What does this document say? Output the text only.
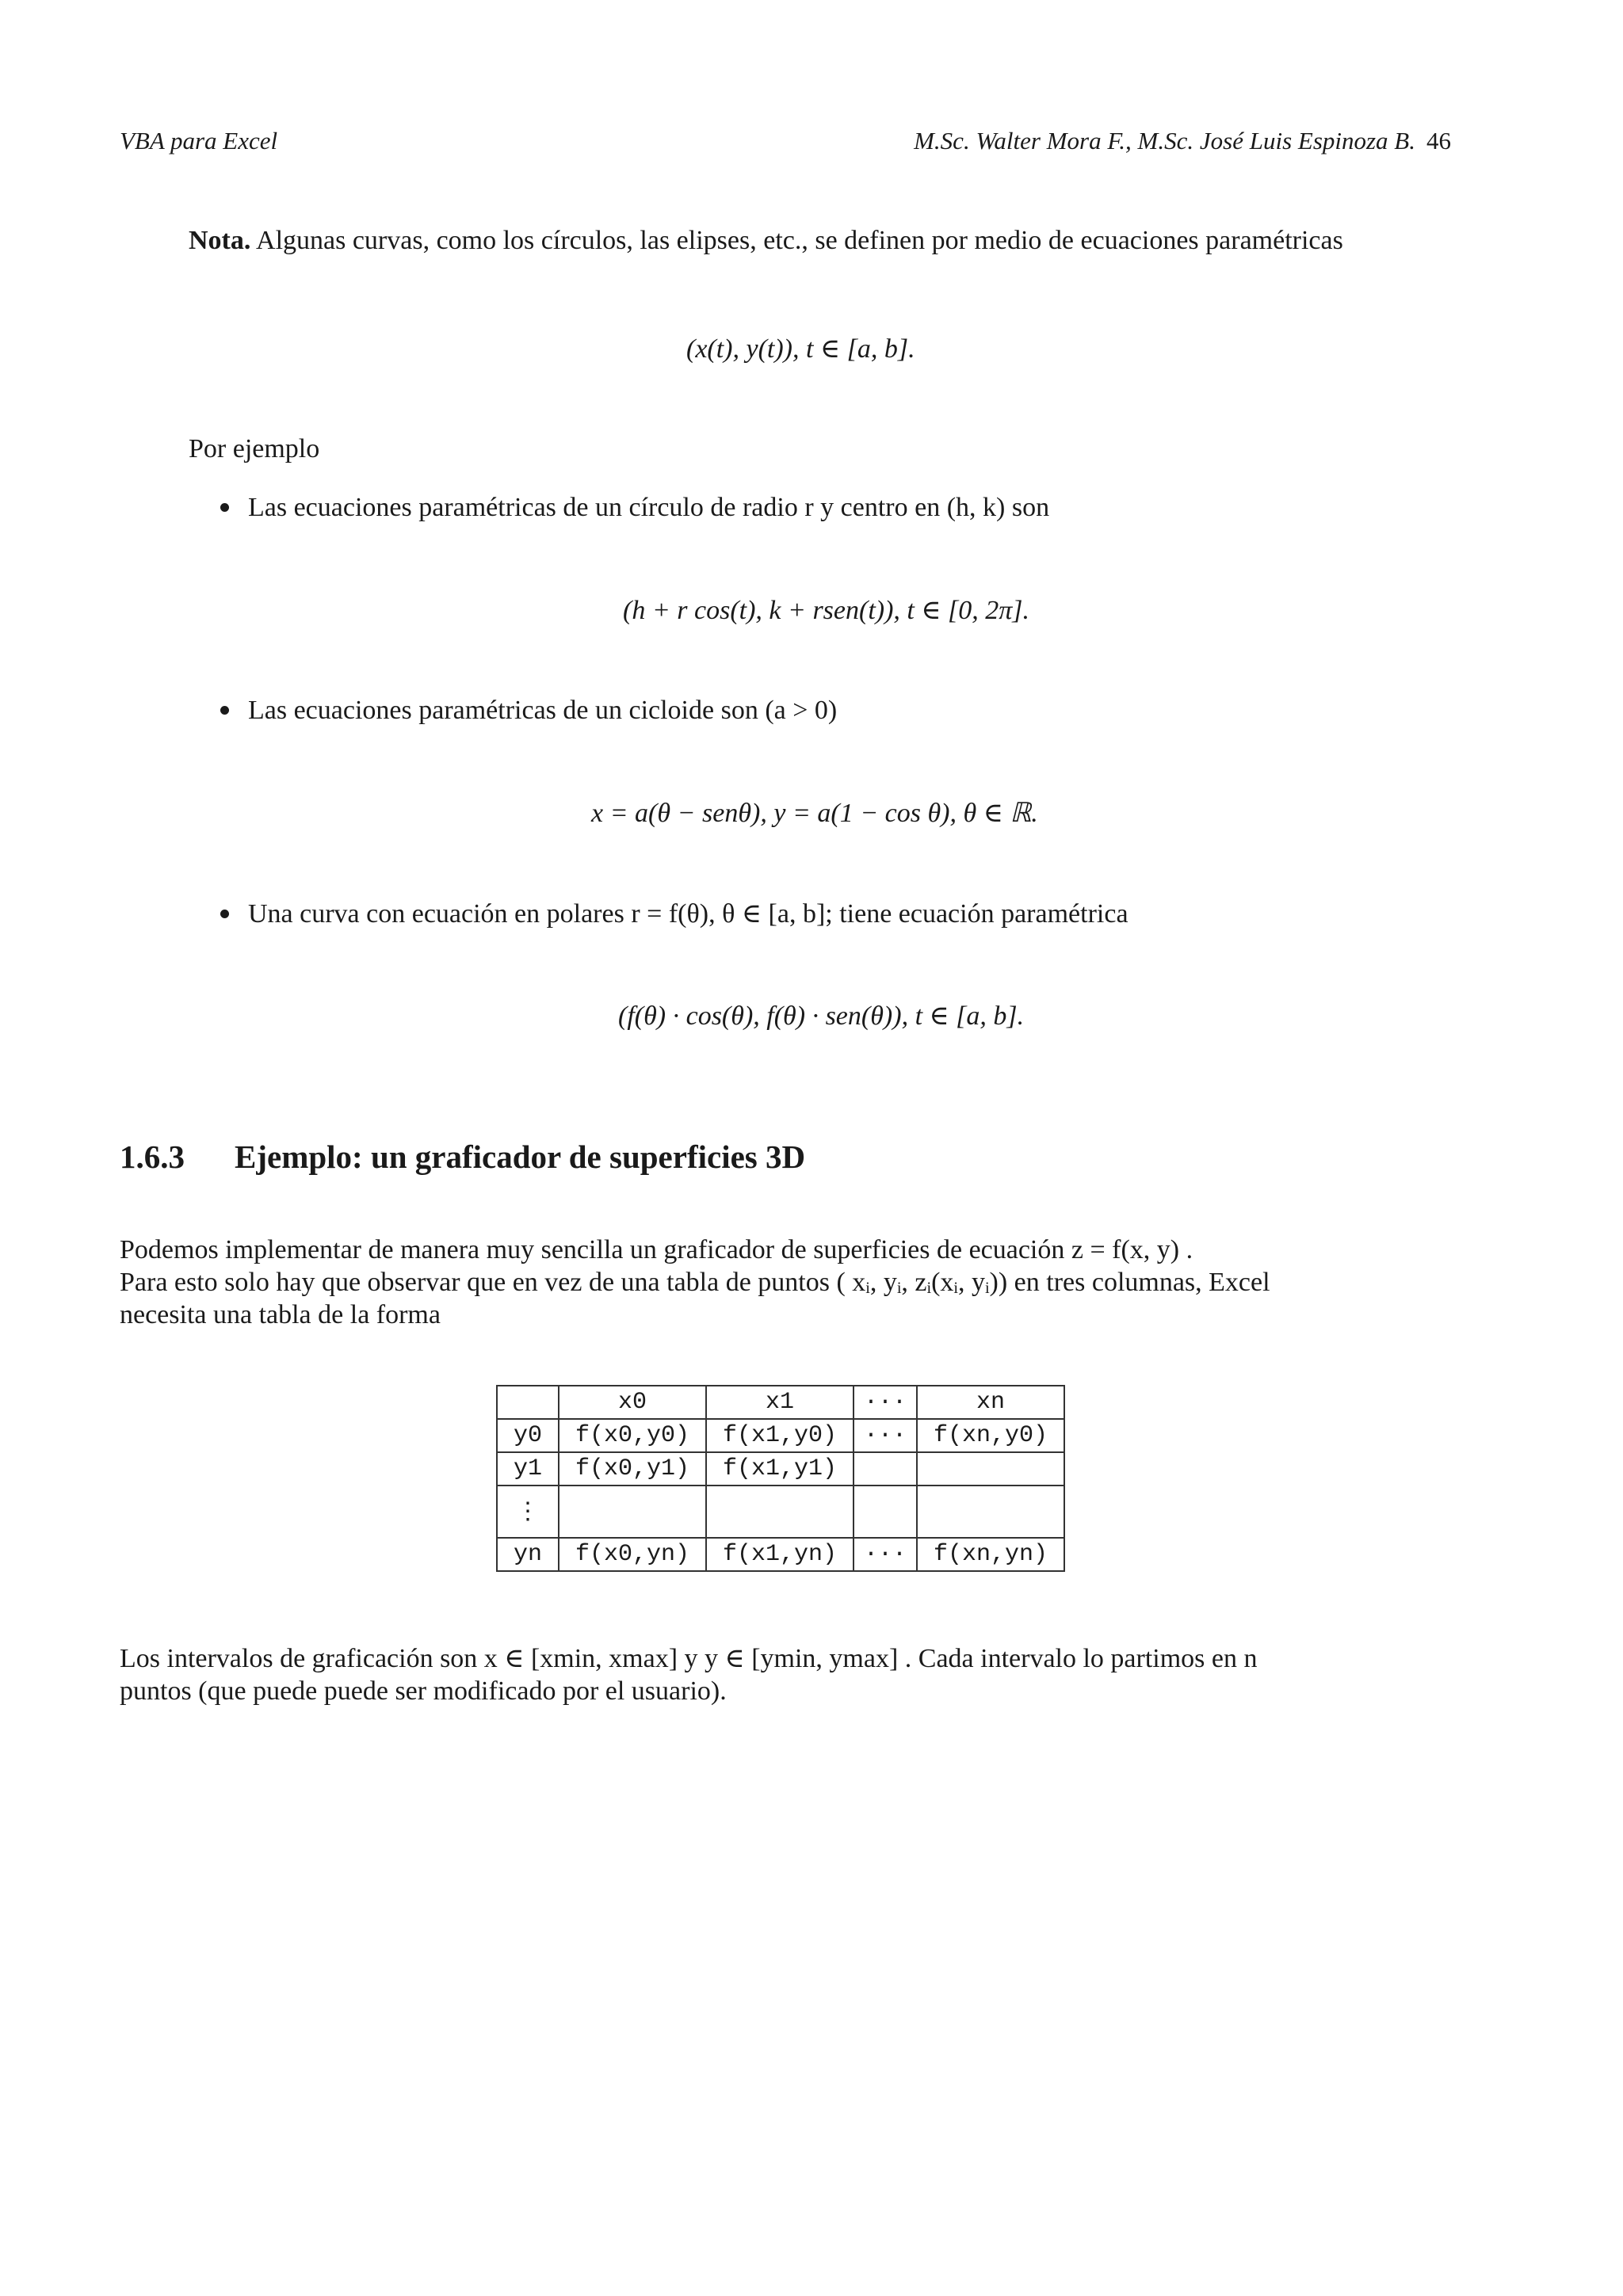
VBA para Excel	M.Sc. Walter Mora F., M.Sc. José Luis Espinoza B. 46
Nota. Algunas curvas, como los círculos, las elipses, etc., se definen por medio de ecuaciones paramétricas
(x(t), y(t)), t ∈ [a, b].
Por ejemplo
Las ecuaciones paramétricas de un círculo de radio r y centro en (h, k) son
(h + r cos(t), k + rsen(t)), t ∈ [0, 2π].
Las ecuaciones paramétricas de un cicloide son (a > 0)
x = a(θ − senθ), y = a(1 − cos θ), θ ∈ ℝ.
Una curva con ecuación en polares r = f(θ), θ ∈ [a, b]; tiene ecuación paramétrica
(f(θ) · cos(θ), f(θ) · sen(θ)), t ∈ [a, b].
1.6.3 Ejemplo: un graficador de superficies 3D
Podemos implementar de manera muy sencilla un graficador de superficies de ecuación z = f(x, y) .
Para esto solo hay que observar que en vez de una tabla de puntos ( xᵢ, yᵢ, zᵢ(xᵢ, yᵢ)) en tres columnas, Excel
necesita una tabla de la forma
	x0	x1	···	xn
y0	f(x0,y0)	f(x1,y0)	···	f(xn,y0)
y1	f(x0,y1)	f(x1,y1)		
⋮				
yn	f(x0,yn)	f(x1,yn)	···	f(xn,yn)
Los intervalos de graficación son x ∈ [xmin, xmax] y y ∈ [ymin, ymax] . Cada intervalo lo partimos en n
puntos (que puede puede ser modificado por el usuario).
